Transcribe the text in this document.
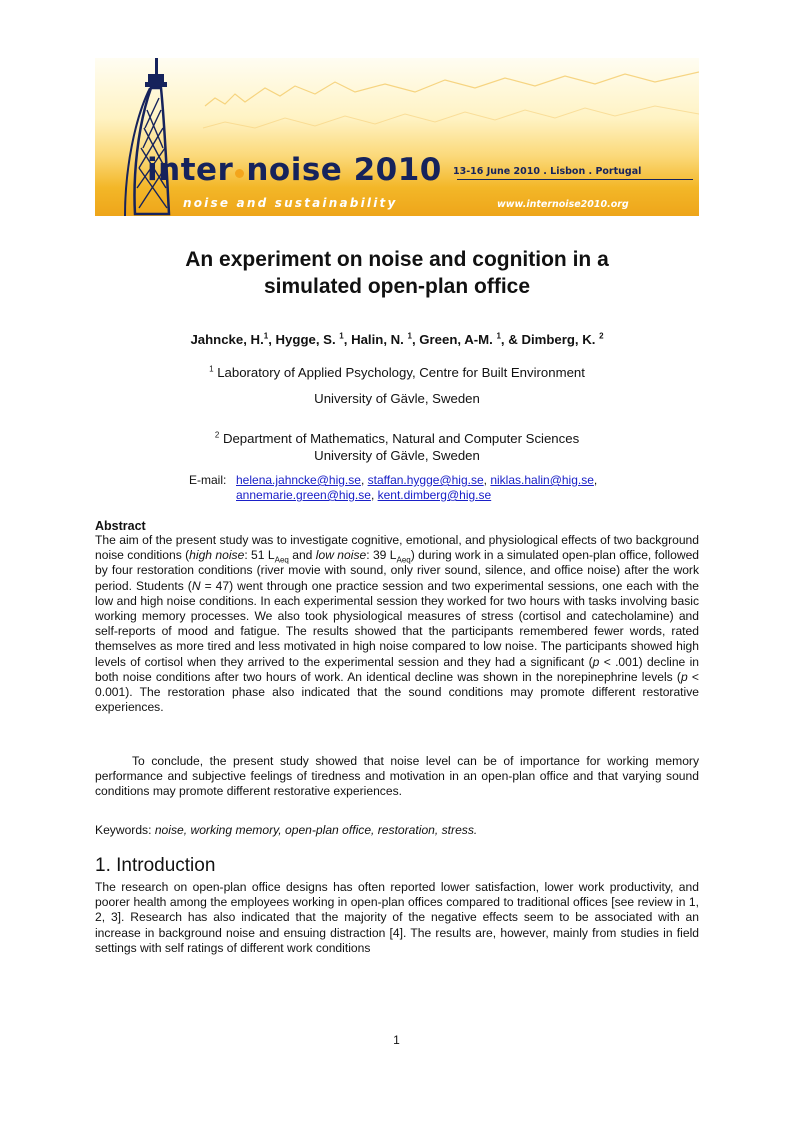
inter noise 2010 13-16 June 2010 . Lisbon . Portugal
noise and sustainability	www.internoise2010.org
An experiment on noise and cognition in a
simulated open-plan office
Jahncke, H.$^1$, Hygge, S. $^1$, Halin, N. $^1$, Green, A-M. $^1$, & Dimberg, K. $^2$
$^1$ Laboratory of Applied Psychology, Centre for Built Environment
University of Gävle, Sweden
$^2$ Department of Mathematics, Natural and Computer Sciences
University of Gävle, Sweden
E-mail: helena.jahncke@hig.se, staffan.hygge@hig.se, niklas.halin@hig.se,
annemarie.green@hig.se, kent.dimberg@hig.se
Abstract
The aim of the present study was to investigate cognitive, emotional, and physiological effects of two background noise conditions (high noise: 51 $L_{Aeq}$ and low noise: 39 $L_{Aeq}$) during work in a simulated open-plan office, followed by four restoration conditions (river movie with sound, only river sound, silence, and office noise) after the work period. Students (N = 47) went through one practice session and two experimental sessions, one each with the low and high noise conditions. In each experimental session they worked for two hours with tasks involving basic working memory processes. We also took physiological measures of stress (cortisol and catecholamine) and self-reports of mood and fatigue. The results showed that the participants remembered fewer words, rated themselves as more tired and less motivated in high noise compared to low noise. The participants showed high levels of cortisol when they arrived to the experimental session and they had a significant (p < .001) decline in both noise conditions after two hours of work. An identical decline was shown in the norepinephrine levels (p < 0.001). The restoration phase also indicated that the sound conditions may promote different restorative experiences.
To conclude, the present study showed that noise level can be of importance for working memory performance and subjective feelings of tiredness and motivation in an open-plan office and that varying sound conditions may promote different restorative experiences.
Keywords: noise, working memory, open-plan office, restoration, stress.
1. Introduction
The research on open-plan office designs has often reported lower satisfaction, lower work productivity, and poorer health among the employees working in open-plan offices compared to traditional offices [see review in 1, 2, 3]. Research has also indicated that the majority of the negative effects seem to be associated with an increase in background noise and ensuing distraction [4]. The results are, however, mainly from studies in field settings with self ratings of different work conditions
1
